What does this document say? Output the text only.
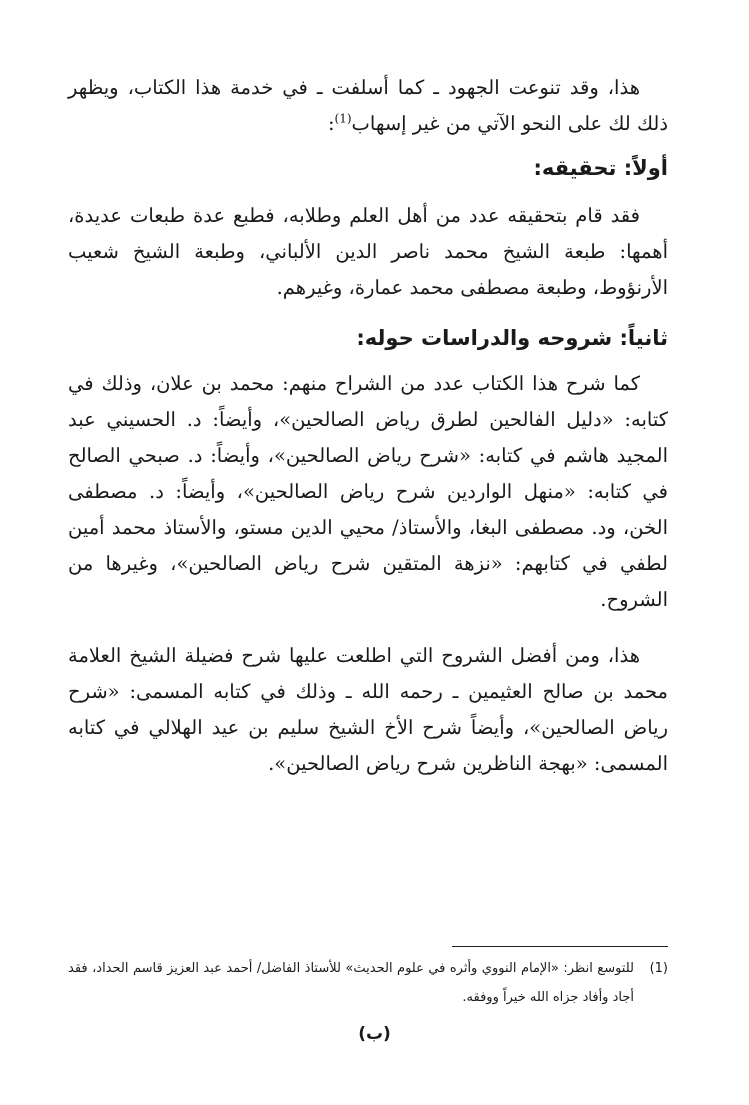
هذا، وقد تنوعت الجهود ـ كما أسلفت ـ في خدمة هذا الكتاب، ويظهر ذلك لك على النحو الآتي من غير إسهاب$^{(1)}$:

أولاً: تحقيقه:

فقد قام بتحقيقه عدد من أهل العلم وطلابه، فطبع عدة طبعات عديدة، أهمها: طبعة الشيخ محمد ناصر الدين الألباني، وطبعة الشيخ شعيب الأرنؤوط، وطبعة مصطفى محمد عمارة، وغيرهم.

ثانياً: شروحه والدراسات حوله:

كما شرح هذا الكتاب عدد من الشراح منهم: محمد بن علان، وذلك في كتابه: «دليل الفالحين لطرق رياض الصالحين»، وأيضاً: د. الحسيني عبد المجيد هاشم في كتابه: «شرح رياض الصالحين»، وأيضاً: د. صبحي الصالح في كتابه: «منهل الواردين شرح رياض الصالحين»، وأيضاً: د. مصطفى الخن، ود. مصطفى البغا، والأستاذ/ محيي الدين مستو، والأستاذ محمد أمين لطفي في كتابهم: «نزهة المتقين شرح رياض الصالحين»، وغيرها من الشروح.

هذا، ومن أفضل الشروح التي اطلعت عليها شرح فضيلة الشيخ العلامة محمد بن صالح العثيمين ـ رحمه الله ـ وذلك في كتابه المسمى: «شرح رياض الصالحين»، وأيضاً شرح الأخ الشيخ سليم بن عيد الهلالي في كتابه المسمى: «بهجة الناظرين شرح رياض الصالحين».

(1)
للتوسع انظر: «الإمام النووي وأثره في علوم الحديث» للأستاذ الفاضل/ أحمد عبد العزيز قاسم الحداد، فقد أجاد وأفاد جزاه الله خيراً ووفقه.

(ب)
